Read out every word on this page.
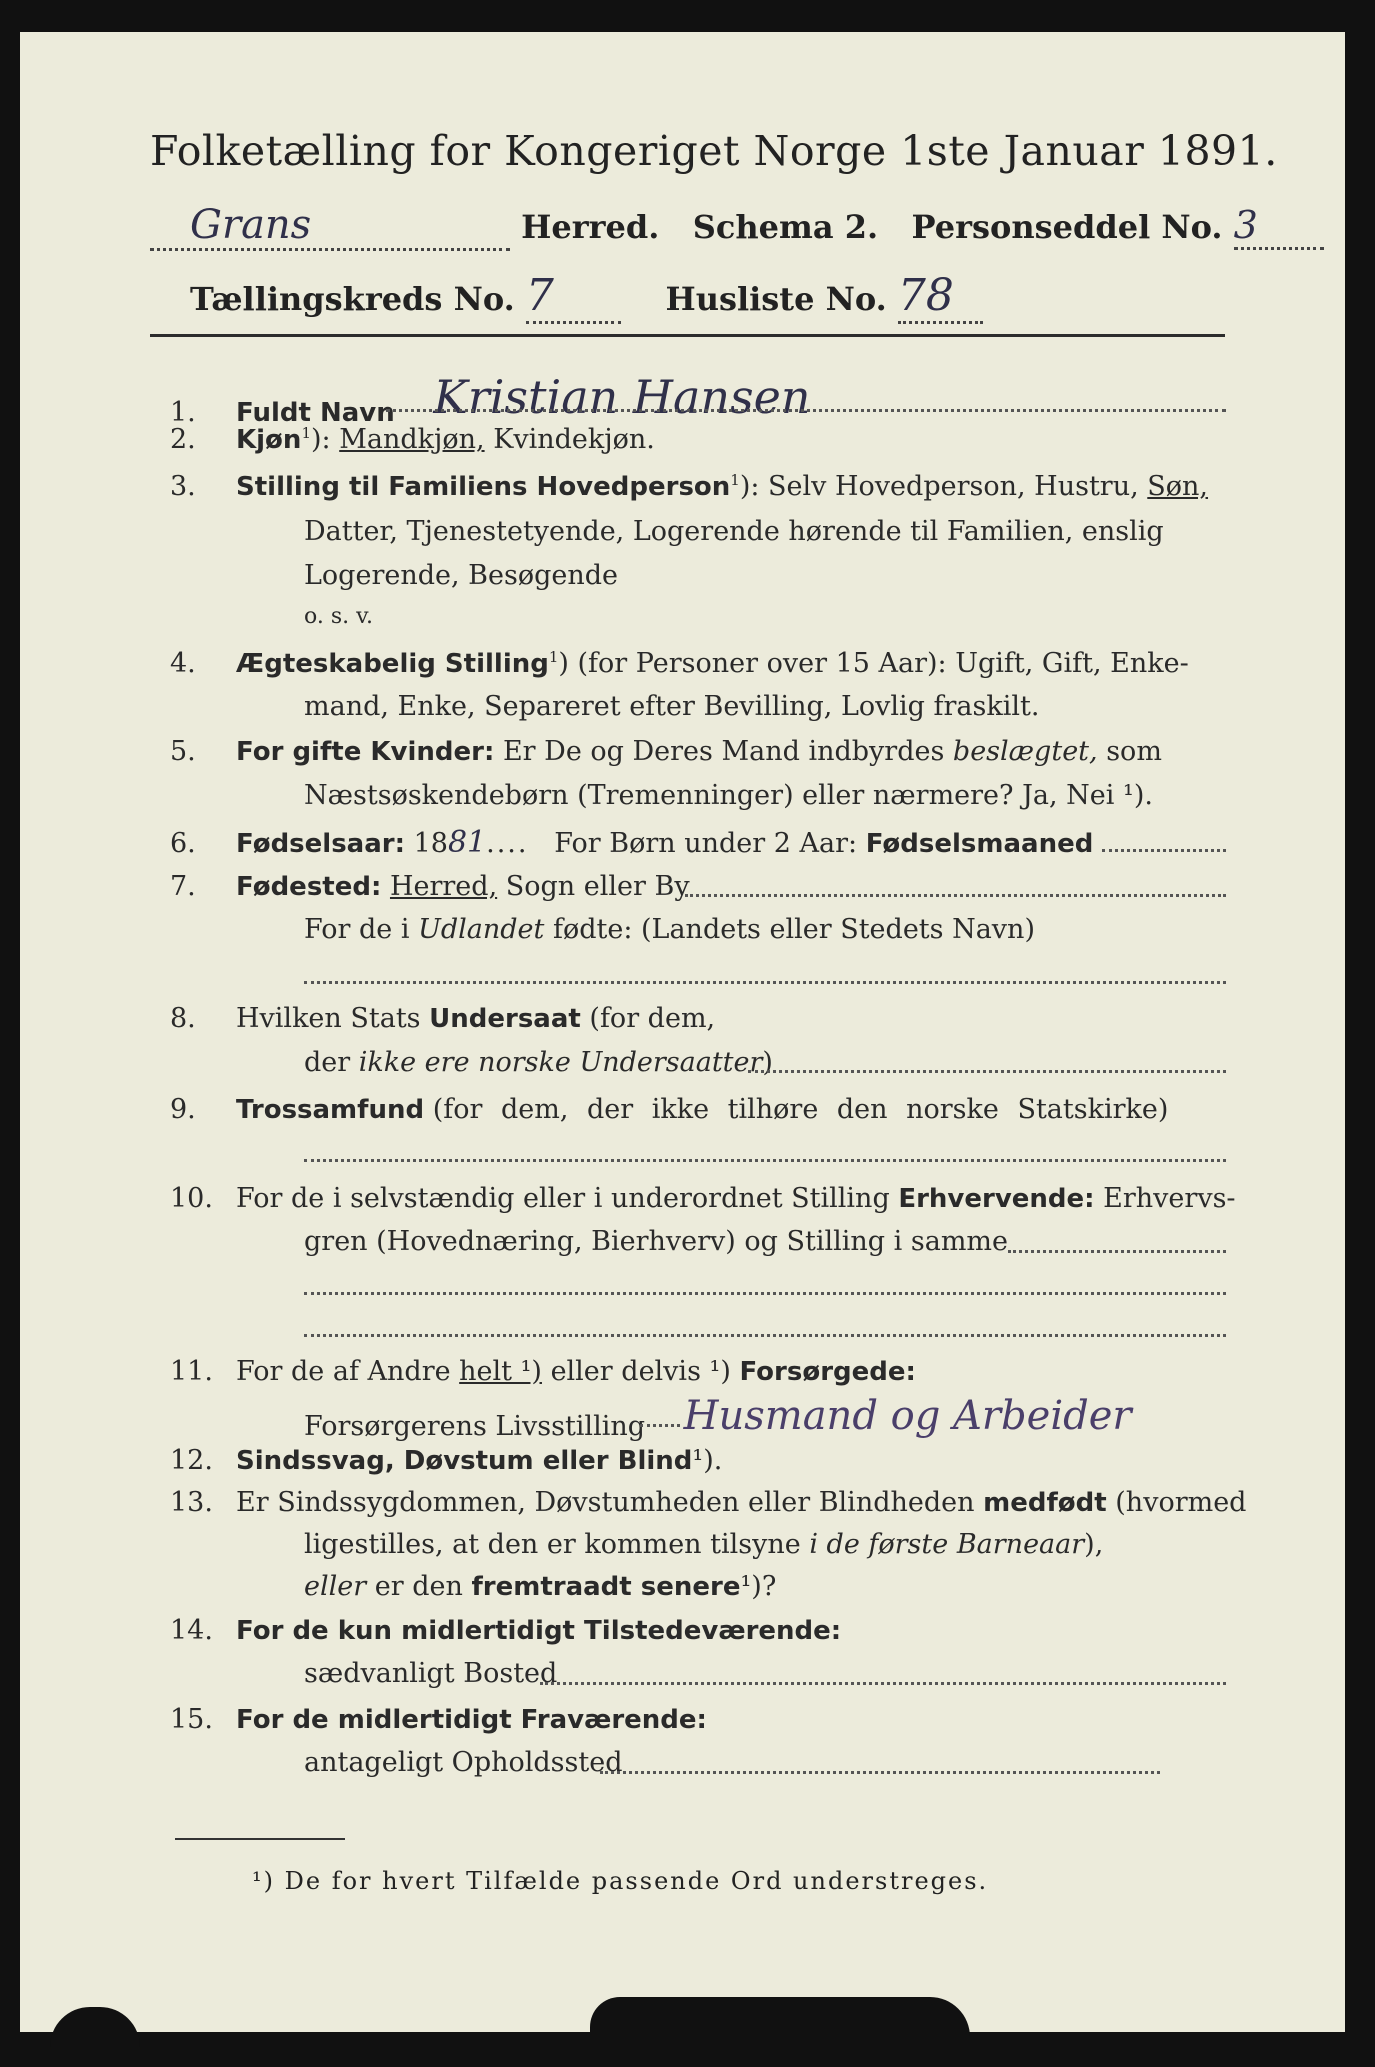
Folketælling for Kongeriget Norge 1ste Januar 1891.
Grans	Herred. Schema 2. Personseddel No. 3
Tællingskreds No. 7	Husliste No. 78
1. Fuldt Navn Kristian Hansen
2. Kjøn$^1$): Mandkjøn, Kvindekjøn.
3. Stilling til Familiens Hovedperson$^1$): Selv Hovedperson, Hustru, Søn,
Datter, Tjenestetyende, Logerende hørende til Familien, enslig
Logerende, Besøgende
o. s. v.
4. Ægteskabelig Stilling$^1$) (for Personer over 15 Aar): Ugift, Gift, Enke-
mand, Enke, Separeret efter Bevilling, Lovlig fraskilt.
5. For gifte Kvinder: Er De og Deres Mand indbyrdes beslægtet, som
Næstsøskendebørn (Tremenninger) eller nærmere? Ja, Nei ¹).
6. Fødselsaar: 1881.... For Børn under 2 Aar: Fødselsmaaned
7. Fødested: Herred, Sogn eller By
For de i Udlandet fødte: (Landets eller Stedets Navn)
8. Hvilken Stats Undersaat (for dem,
der ikke ere norske Undersaatter)
9. Trossamfund (for dem, der ikke tilhøre den norske Statskirke)
10. For de i selvstændig eller i underordnet Stilling Erhvervende: Erhvervs-
gren (Hovednæring, Bierhverv) og Stilling i samme
11. For de af Andre helt ¹) eller delvis ¹) Forsørgede:
Forsørgerens Livsstilling Husmand og Arbeider
12. Sindssvag, Døvstum eller Blind¹).
13. Er Sindssygdommen, Døvstumheden eller Blindheden medfødt (hvormed
ligestilles, at den er kommen tilsyne i de første Barneaar),
eller er den fremtraadt senere¹)?
14. For de kun midlertidigt Tilstedeværende:
sædvanligt Bosted
15. For de midlertidigt Fraværende:
antageligt Opholdssted
¹) De for hvert Tilfælde passende Ord understreges.
